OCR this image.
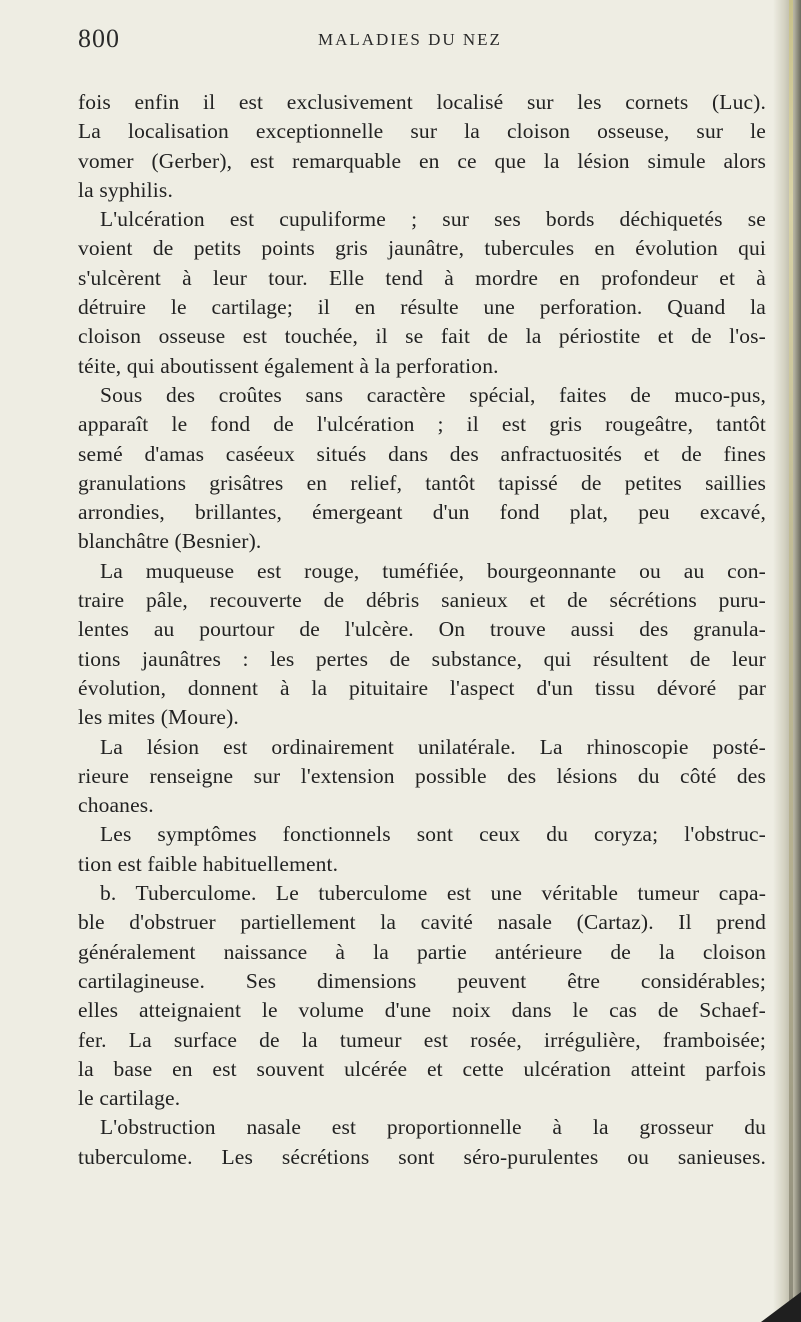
800	MALADIES DU NEZ
fois enfin il est exclusivement localisé sur les cornets (Luc).
La localisation exceptionnelle sur la cloison osseuse, sur le
vomer (Gerber), est remarquable en ce que la lésion simule alors
la syphilis.
L'ulcération est cupuliforme ; sur ses bords déchiquetés se
voient de petits points gris jaunâtre, tubercules en évolution qui
s'ulcèrent à leur tour. Elle tend à mordre en profondeur et à
détruire le cartilage; il en résulte une perforation. Quand la
cloison osseuse est touchée, il se fait de la périostite et de l'os-
téite, qui aboutissent également à la perforation.
Sous des croûtes sans caractère spécial, faites de muco-pus,
apparaît le fond de l'ulcération ; il est gris rougeâtre, tantôt
semé d'amas caséeux situés dans des anfractuosités et de fines
granulations grisâtres en relief, tantôt tapissé de petites saillies
arrondies, brillantes, émergeant d'un fond plat, peu excavé,
blanchâtre (Besnier).
La muqueuse est rouge, tuméfiée, bourgeonnante ou au con-
traire pâle, recouverte de débris sanieux et de sécrétions puru-
lentes au pourtour de l'ulcère. On trouve aussi des granula-
tions jaunâtres : les pertes de substance, qui résultent de leur
évolution, donnent à la pituitaire l'aspect d'un tissu dévoré par
les mites (Moure).
La lésion est ordinairement unilatérale. La rhinoscopie posté-
rieure renseigne sur l'extension possible des lésions du côté des
choanes.
Les symptômes fonctionnels sont ceux du coryza; l'obstruc-
tion est faible habituellement.
b. Tuberculome. Le tuberculome est une véritable tumeur capa-
ble d'obstruer partiellement la cavité nasale (Cartaz). Il prend
généralement naissance à la partie antérieure de la cloison
cartilagineuse. Ses dimensions peuvent être considérables;
elles atteignaient le volume d'une noix dans le cas de Schaef-
fer. La surface de la tumeur est rosée, irrégulière, framboisée;
la base en est souvent ulcérée et cette ulcération atteint parfois
le cartilage.
L'obstruction nasale est proportionnelle à la grosseur du
tuberculome. Les sécrétions sont séro-purulentes ou sanieuses.
